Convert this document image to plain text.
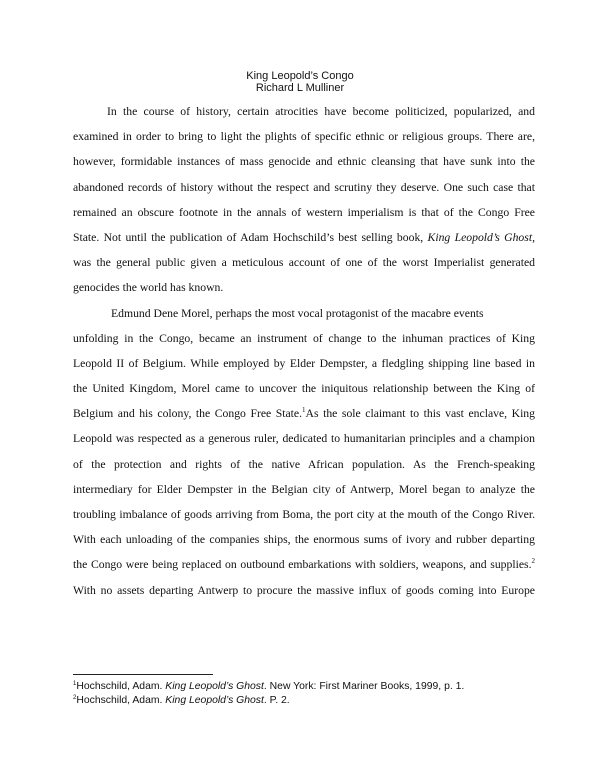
King Leopold’s Congo
Richard L Mulliner
In the course of history, certain atrocities have become politicized, popularized, and
examined in order to bring to light the plights of specific ethnic or religious groups. There are,
however, formidable instances of mass genocide and ethnic cleansing that have sunk into the
abandoned records of history without the respect and scrutiny they deserve. One such case that
remained an obscure footnote in the annals of western imperialism is that of the Congo Free
State. Not until the publication of Adam Hochschild’s best selling book, King Leopold’s Ghost,
was the general public given a meticulous account of one of the worst Imperialist generated
genocides the world has known.
Edmund Dene Morel, perhaps the most vocal protagonist of the macabre events
unfolding in the Congo, became an instrument of change to the inhuman practices of King
Leopold II of Belgium. While employed by Elder Dempster, a fledgling shipping line based in
the United Kingdom, Morel came to uncover the iniquitous relationship between the King of
Belgium and his colony, the Congo Free State.$^1$As the sole claimant to this vast enclave, King
Leopold was respected as a generous ruler, dedicated to humanitarian principles and a champion
of the protection and rights of the native African population. As the French-speaking
intermediary for Elder Dempster in the Belgian city of Antwerp, Morel began to analyze the
troubling imbalance of goods arriving from Boma, the port city at the mouth of the Congo River.
With each unloading of the companies ships, the enormous sums of ivory and rubber departing
the Congo were being replaced on outbound embarkations with soldiers, weapons, and supplies.$^2$
With no assets departing Antwerp to procure the massive influx of goods coming into Europe
$^1$Hochschild, Adam. King Leopold’s Ghost. New York: First Mariner Books, 1999, p. 1.
$^2$Hochschild, Adam. King Leopold’s Ghost. P. 2.
